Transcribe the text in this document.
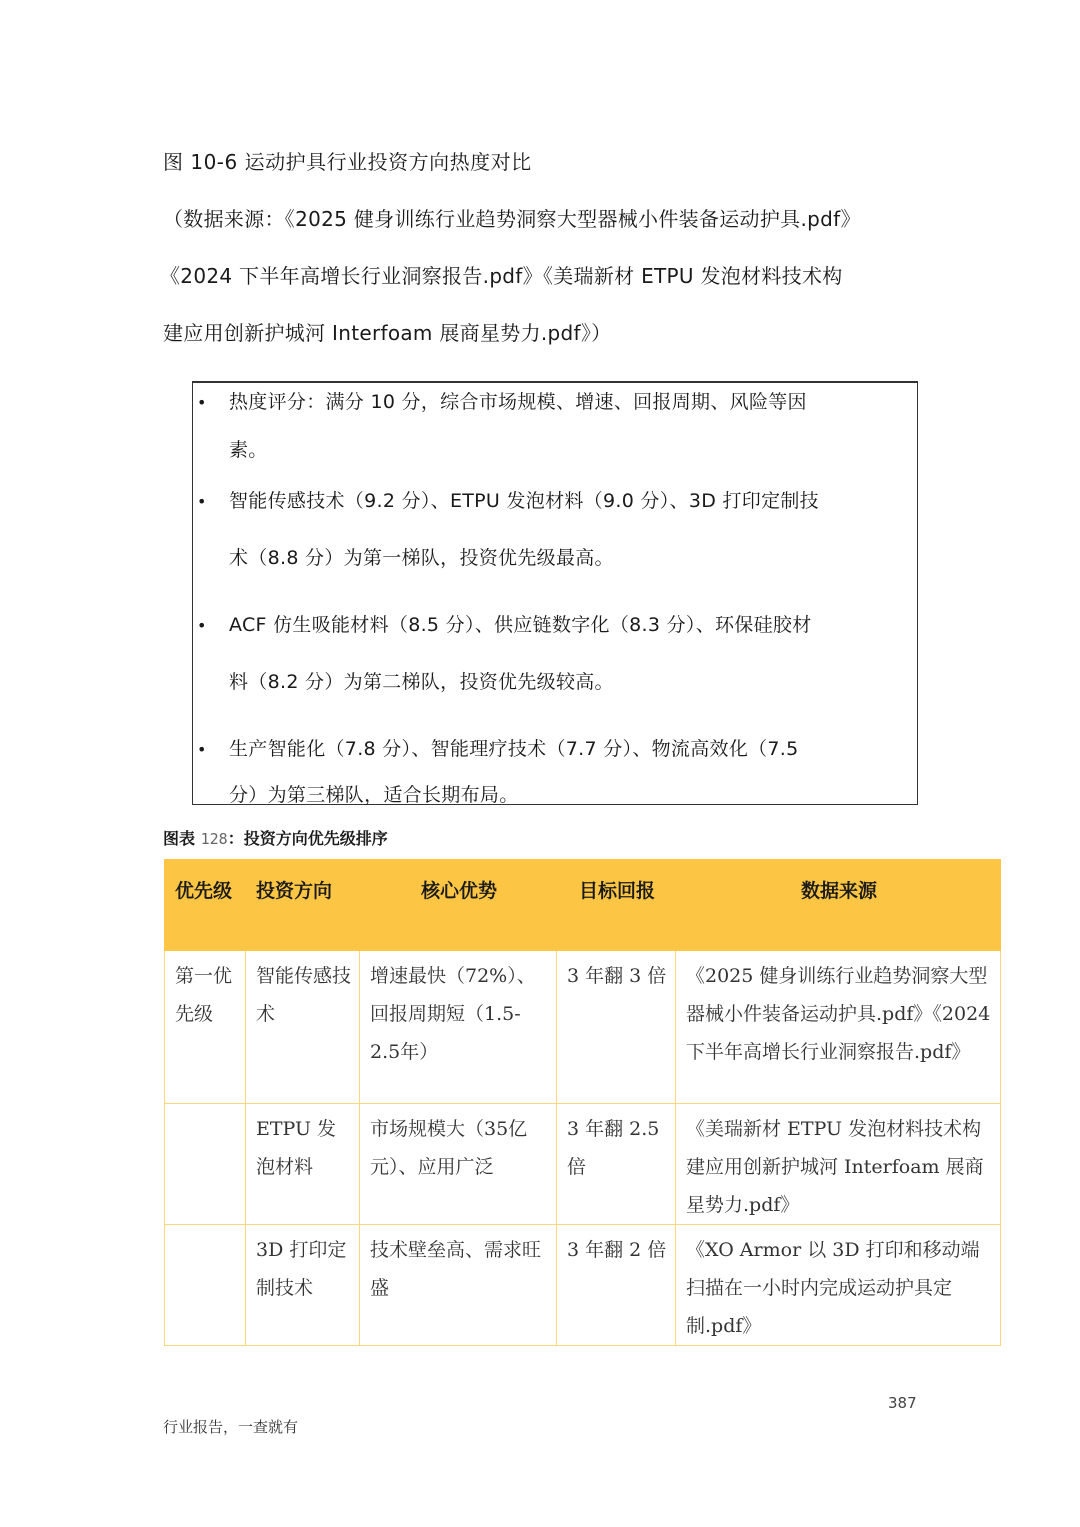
图 10-6 运动护具行业投资方向热度对比
（数据来源：《2025 健身训练行业趋势洞察大型器械小件装备运动护具.pdf》
《2024 下半年高增长行业洞察报告.pdf》《美瑞新材 ETPU 发泡材料技术构
建应用创新护城河 Interfoam 展商星势力.pdf》）
• 热度评分：满分 10 分，综合市场规模、增速、回报周期、风险等因
素。
• 智能传感技术（9.2 分）、ETPU 发泡材料（9.0 分）、3D 打印定制技
术（8.8 分）为第一梯队，投资优先级最高。
• ACF 仿生吸能材料（8.5 分）、供应链数字化（8.3 分）、环保硅胶材
料（8.2 分）为第二梯队，投资优先级较高。
• 生产智能化（7.8 分）、智能理疗技术（7.7 分）、物流高效化（7.5
分）为第三梯队，适合长期布局。
图表 128：投资方向优先级排序
优先级	投资方向	核心优势	目标回报	数据来源
第一优先级	智能传感技术	增速最快（72%）、回报周期短（1.5-2.5年）	3 年翻 3 倍	《2025 健身训练行业趋势洞察大型器械小件装备运动护具.pdf》《2024 下半年高增长行业洞察报告.pdf》
	ETPU 发泡材料	市场规模大（35亿元）、应用广泛	3 年翻 2.5 倍	《美瑞新材 ETPU 发泡材料技术构建应用创新护城河 Interfoam 展商星势力.pdf》
	3D 打印定制技术	技术壁垒高、需求旺盛	3 年翻 2 倍	《XO Armor 以 3D 打印和移动端扫描在一小时内完成运动护具定制.pdf》
387
行业报告，一查就有
